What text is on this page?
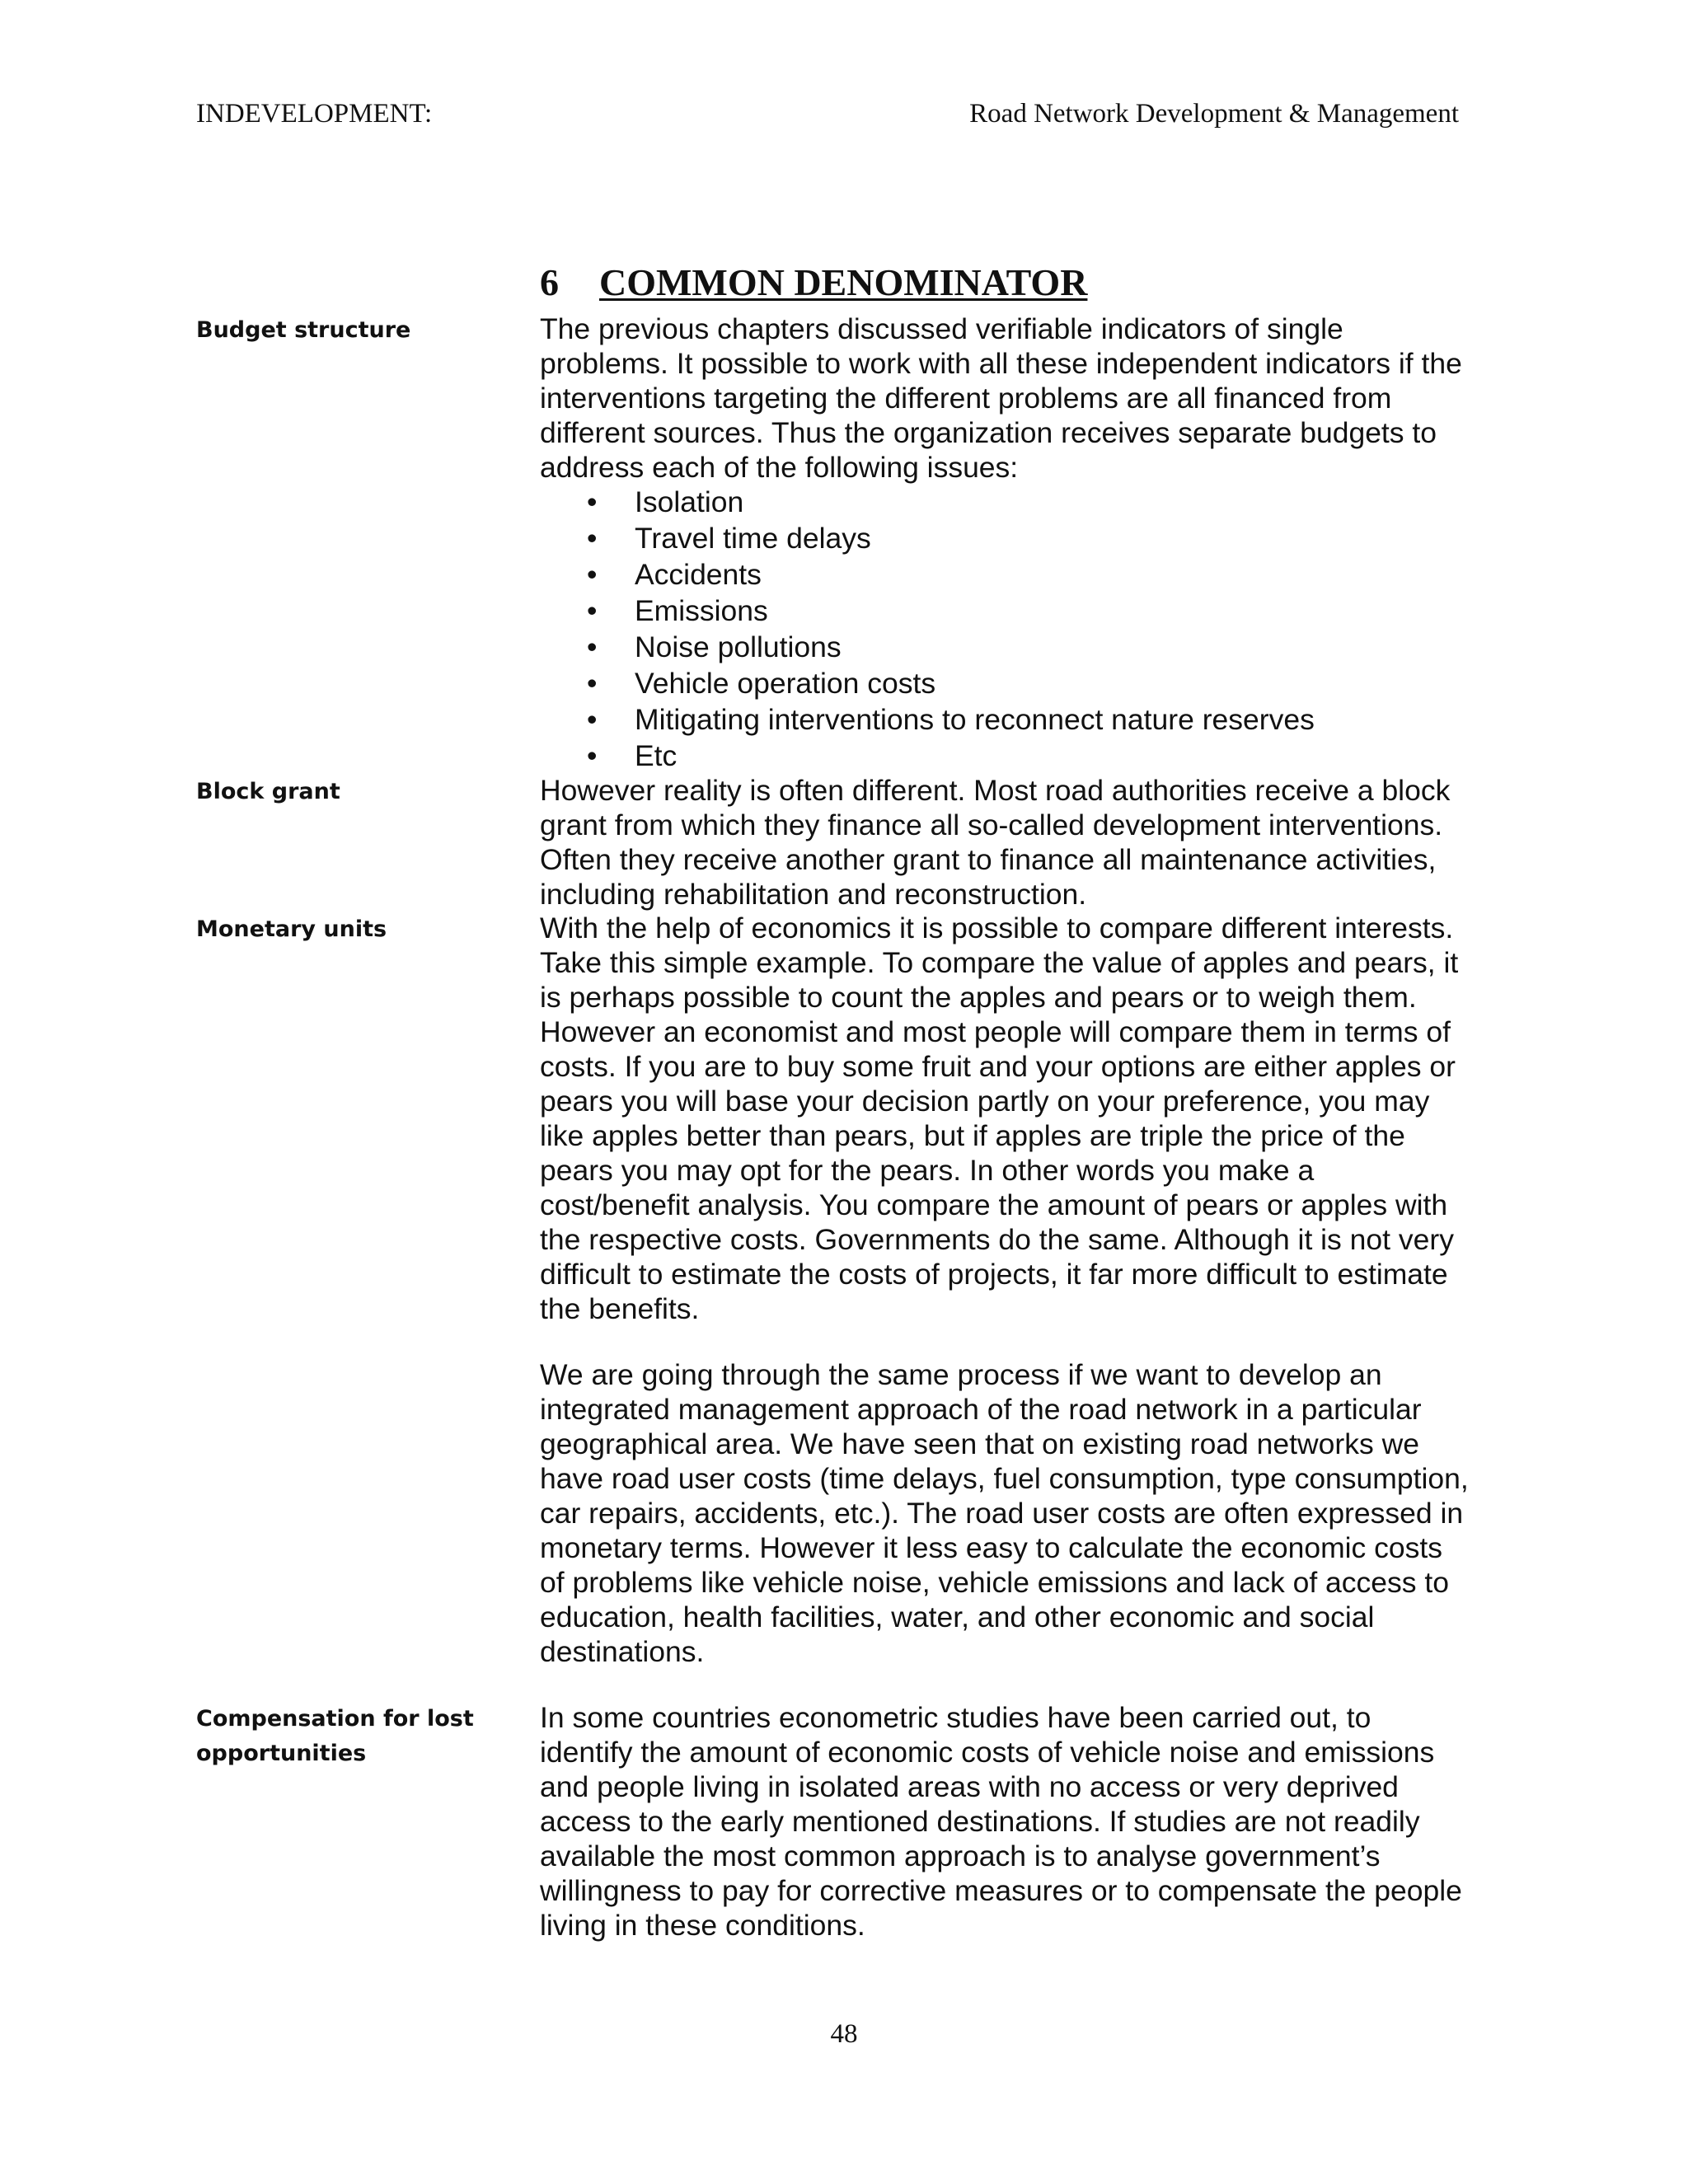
INDEVELOPMENT:	Road Network Development & Management
6 COMMON DENOMINATOR
Budget structure
Block grant
Monetary units
Compensation for lost
opportunities
The previous chapters discussed verifiable indicators of single
problems. It possible to work with all these independent indicators if the
interventions targeting the different problems are all financed from
different sources. Thus the organization receives separate budgets to
address each of the following issues:
• Isolation
• Travel time delays
• Accidents
• Emissions
• Noise pollutions
• Vehicle operation costs
• Mitigating interventions to reconnect nature reserves
• Etc
However reality is often different. Most road authorities receive a block
grant from which they finance all so-called development interventions.
Often they receive another grant to finance all maintenance activities,
including rehabilitation and reconstruction.
With the help of economics it is possible to compare different interests.
Take this simple example. To compare the value of apples and pears, it
is perhaps possible to count the apples and pears or to weigh them.
However an economist and most people will compare them in terms of
costs. If you are to buy some fruit and your options are either apples or
pears you will base your decision partly on your preference, you may
like apples better than pears, but if apples are triple the price of the
pears you may opt for the pears. In other words you make a
cost/benefit analysis. You compare the amount of pears or apples with
the respective costs. Governments do the same. Although it is not very
difficult to estimate the costs of projects, it far more difficult to estimate
the benefits.
We are going through the same process if we want to develop an
integrated management approach of the road network in a particular
geographical area. We have seen that on existing road networks we
have road user costs (time delays, fuel consumption, type consumption,
car repairs, accidents, etc.). The road user costs are often expressed in
monetary terms. However it less easy to calculate the economic costs
of problems like vehicle noise, vehicle emissions and lack of access to
education, health facilities, water, and other economic and social
destinations.
In some countries econometric studies have been carried out, to
identify the amount of economic costs of vehicle noise and emissions
and people living in isolated areas with no access or very deprived
access to the early mentioned destinations. If studies are not readily
available the most common approach is to analyse government’s
willingness to pay for corrective measures or to compensate the people
living in these conditions.
48
